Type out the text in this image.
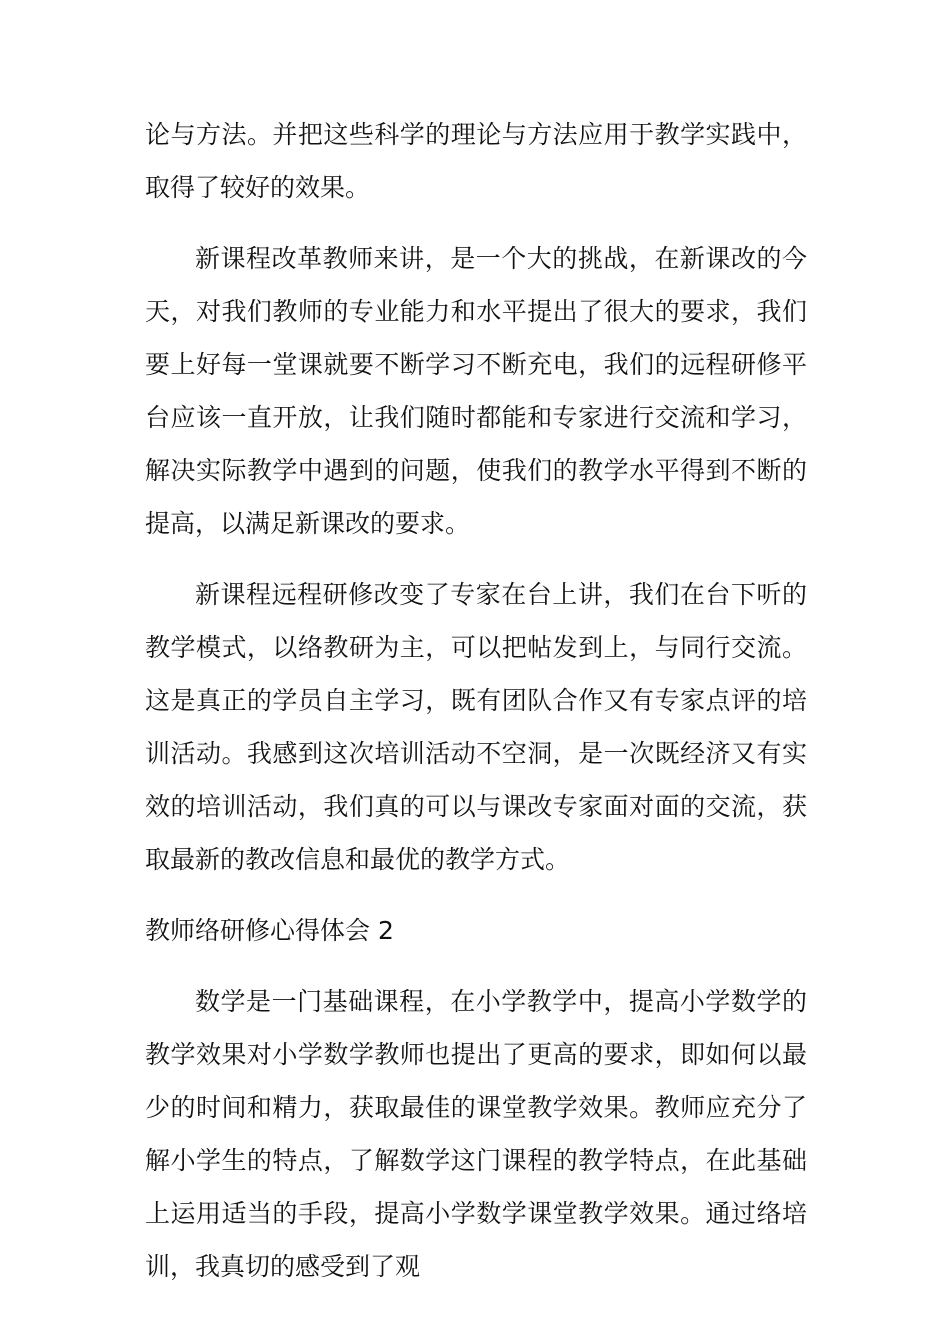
论与方法。并把这些科学的理论与方法应用于教学实践中，取得了较好的效果。

新课程改革教师来讲，是一个大的挑战，在新课改的今天，对我们教师的专业能力和水平提出了很大的要求，我们要上好每一堂课就要不断学习不断充电，我们的远程研修平台应该一直开放，让我们随时都能和专家进行交流和学习，解决实际教学中遇到的问题，使我们的教学水平得到不断的提高，以满足新课改的要求。

新课程远程研修改变了专家在台上讲，我们在台下听的教学模式，以络教研为主，可以把帖发到上，与同行交流。这是真正的学员自主学习，既有团队合作又有专家点评的培训活动。我感到这次培训活动不空洞，是一次既经济又有实效的培训活动，我们真的可以与课改专家面对面的交流，获取最新的教改信息和最优的教学方式。

教师络研修心得体会 2

数学是一门基础课程，在小学教学中，提高小学数学的教学效果对小学数学教师也提出了更高的要求，即如何以最少的时间和精力，获取最佳的课堂教学效果。教师应充分了解小学生的特点，了解数学这门课程的教学特点，在此基础上运用适当的手段，提高小学数学课堂教学效果。通过络培训，我真切的感受到了观
